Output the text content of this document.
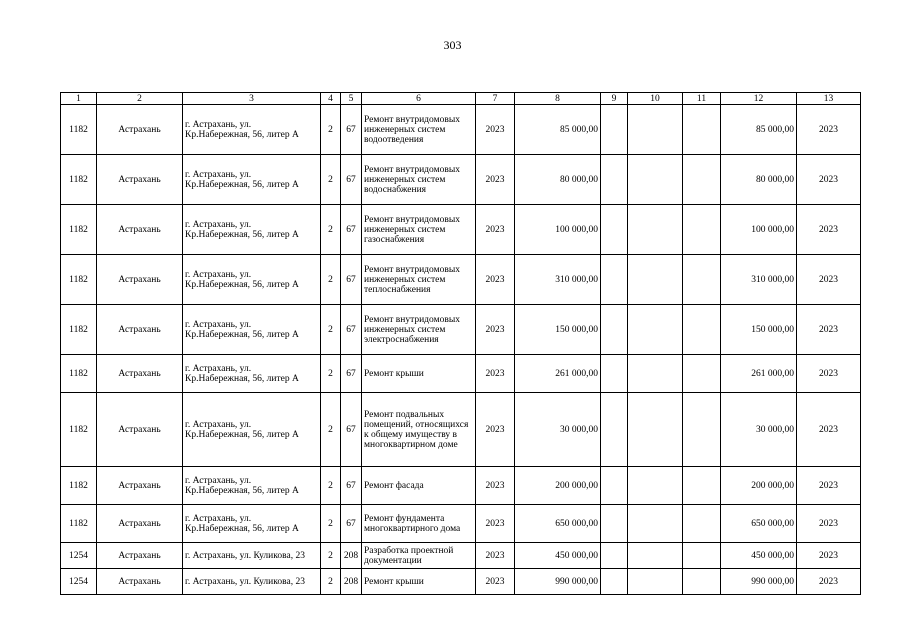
303
1	2	3	4	5	6	7	8	9	10	11	12	13
1182	Астрахань	г. Астрахань, ул. Кр.Набережная, 56, литер А	2	67	Ремонт внутридомовых инженерных систем водоотведения	2023	85 000,00				85 000,00	2023
1182	Астрахань	г. Астрахань, ул. Кр.Набережная, 56, литер А	2	67	Ремонт внутридомовых инженерных систем водоснабжения	2023	80 000,00				80 000,00	2023
1182	Астрахань	г. Астрахань, ул. Кр.Набережная, 56, литер А	2	67	Ремонт внутридомовых инженерных систем газоснабжения	2023	100 000,00				100 000,00	2023
1182	Астрахань	г. Астрахань, ул. Кр.Набережная, 56, литер А	2	67	Ремонт внутридомовых инженерных систем теплоснабжения	2023	310 000,00				310 000,00	2023
1182	Астрахань	г. Астрахань, ул. Кр.Набережная, 56, литер А	2	67	Ремонт внутридомовых инженерных систем электроснабжения	2023	150 000,00				150 000,00	2023
1182	Астрахань	г. Астрахань, ул. Кр.Набережная, 56, литер А	2	67	Ремонт крыши	2023	261 000,00				261 000,00	2023
1182	Астрахань	г. Астрахань, ул. Кр.Набережная, 56, литер А	2	67	Ремонт подвальных помещений, относящихся к общему имуществу в многоквартирном доме	2023	30 000,00				30 000,00	2023
1182	Астрахань	г. Астрахань, ул. Кр.Набережная, 56, литер А	2	67	Ремонт фасада	2023	200 000,00				200 000,00	2023
1182	Астрахань	г. Астрахань, ул. Кр.Набережная, 56, литер А	2	67	Ремонт фундамента многоквартирного дома	2023	650 000,00				650 000,00	2023
1254	Астрахань	г. Астрахань, ул. Куликова, 23	2	208	Разработка проектной документации	2023	450 000,00				450 000,00	2023
1254	Астрахань	г. Астрахань, ул. Куликова, 23	2	208	Ремонт крыши	2023	990 000,00				990 000,00	2023
